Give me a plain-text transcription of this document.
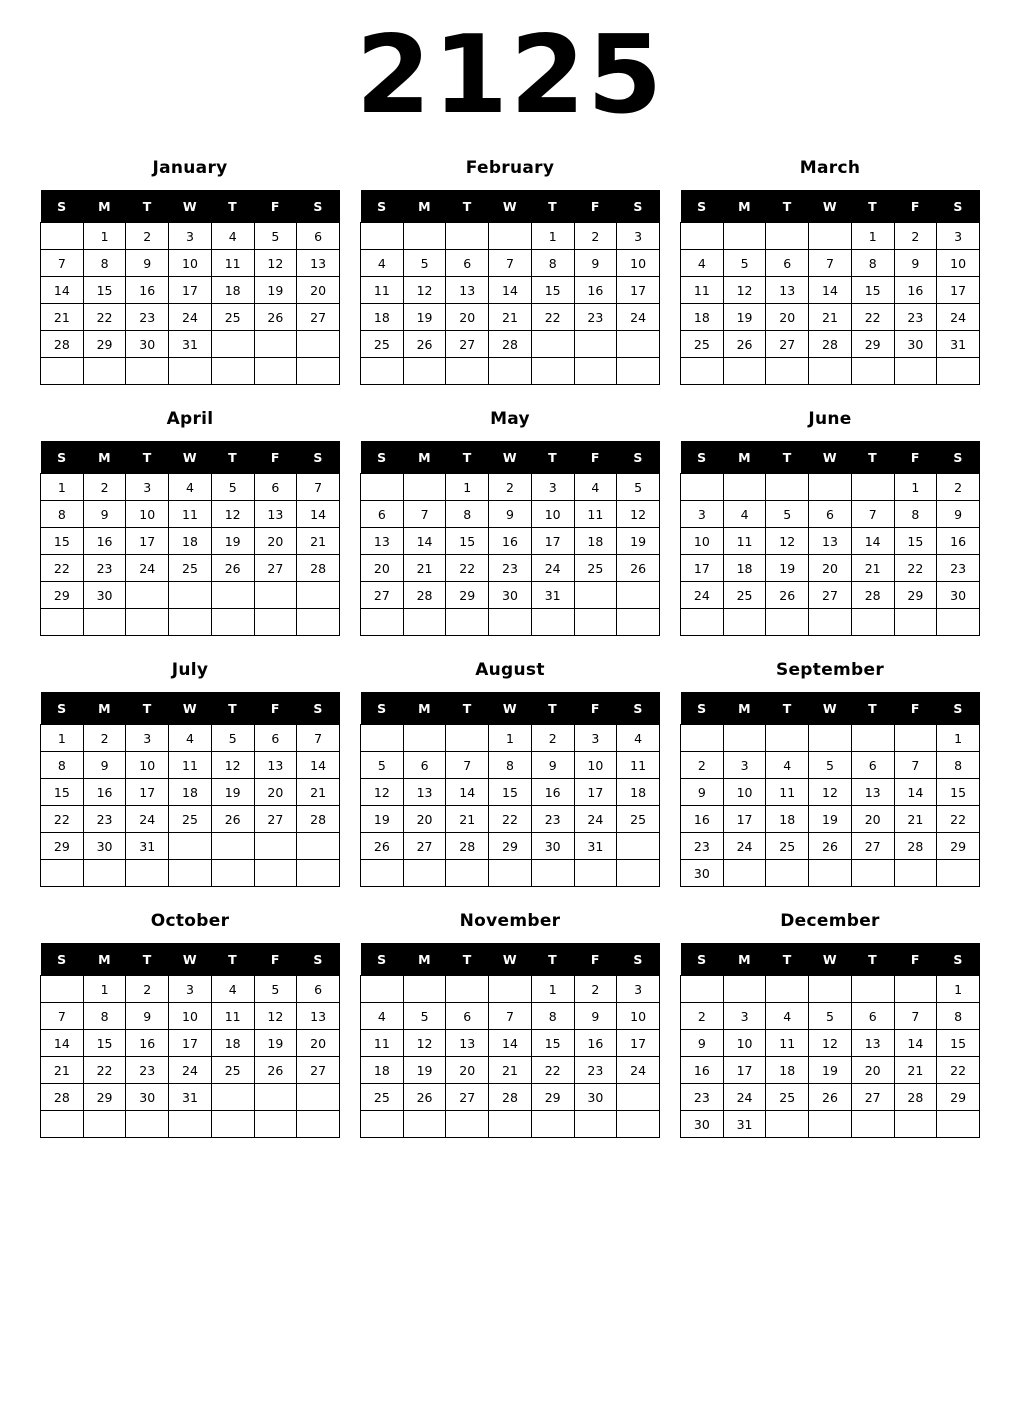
2125
January
S	M	T	W	T	F	S
	1	2	3	4	5	6
7	8	9	10	11	12	13
14	15	16	17	18	19	20
21	22	23	24	25	26	27
28	29	30	31			

February
S	M	T	W	T	F	S
				1	2	3
4	5	6	7	8	9	10
11	12	13	14	15	16	17
18	19	20	21	22	23	24
25	26	27	28			

March
S	M	T	W	T	F	S
				1	2	3
4	5	6	7	8	9	10
11	12	13	14	15	16	17
18	19	20	21	22	23	24
25	26	27	28	29	30	31

April
S	M	T	W	T	F	S
1	2	3	4	5	6	7
8	9	10	11	12	13	14
15	16	17	18	19	20	21
22	23	24	25	26	27	28
29	30					

May
S	M	T	W	T	F	S
		1	2	3	4	5
6	7	8	9	10	11	12
13	14	15	16	17	18	19
20	21	22	23	24	25	26
27	28	29	30	31		

June
S	M	T	W	T	F	S
					1	2
3	4	5	6	7	8	9
10	11	12	13	14	15	16
17	18	19	20	21	22	23
24	25	26	27	28	29	30

July
S	M	T	W	T	F	S
1	2	3	4	5	6	7
8	9	10	11	12	13	14
15	16	17	18	19	20	21
22	23	24	25	26	27	28
29	30	31				

August
S	M	T	W	T	F	S
			1	2	3	4
5	6	7	8	9	10	11
12	13	14	15	16	17	18
19	20	21	22	23	24	25
26	27	28	29	30	31	

September
S	M	T	W	T	F	S
						1
2	3	4	5	6	7	8
9	10	11	12	13	14	15
16	17	18	19	20	21	22
23	24	25	26	27	28	29
30						
October
S	M	T	W	T	F	S
	1	2	3	4	5	6
7	8	9	10	11	12	13
14	15	16	17	18	19	20
21	22	23	24	25	26	27
28	29	30	31			

November
S	M	T	W	T	F	S
				1	2	3
4	5	6	7	8	9	10
11	12	13	14	15	16	17
18	19	20	21	22	23	24
25	26	27	28	29	30	

December
S	M	T	W	T	F	S
						1
2	3	4	5	6	7	8
9	10	11	12	13	14	15
16	17	18	19	20	21	22
23	24	25	26	27	28	29
30	31					
